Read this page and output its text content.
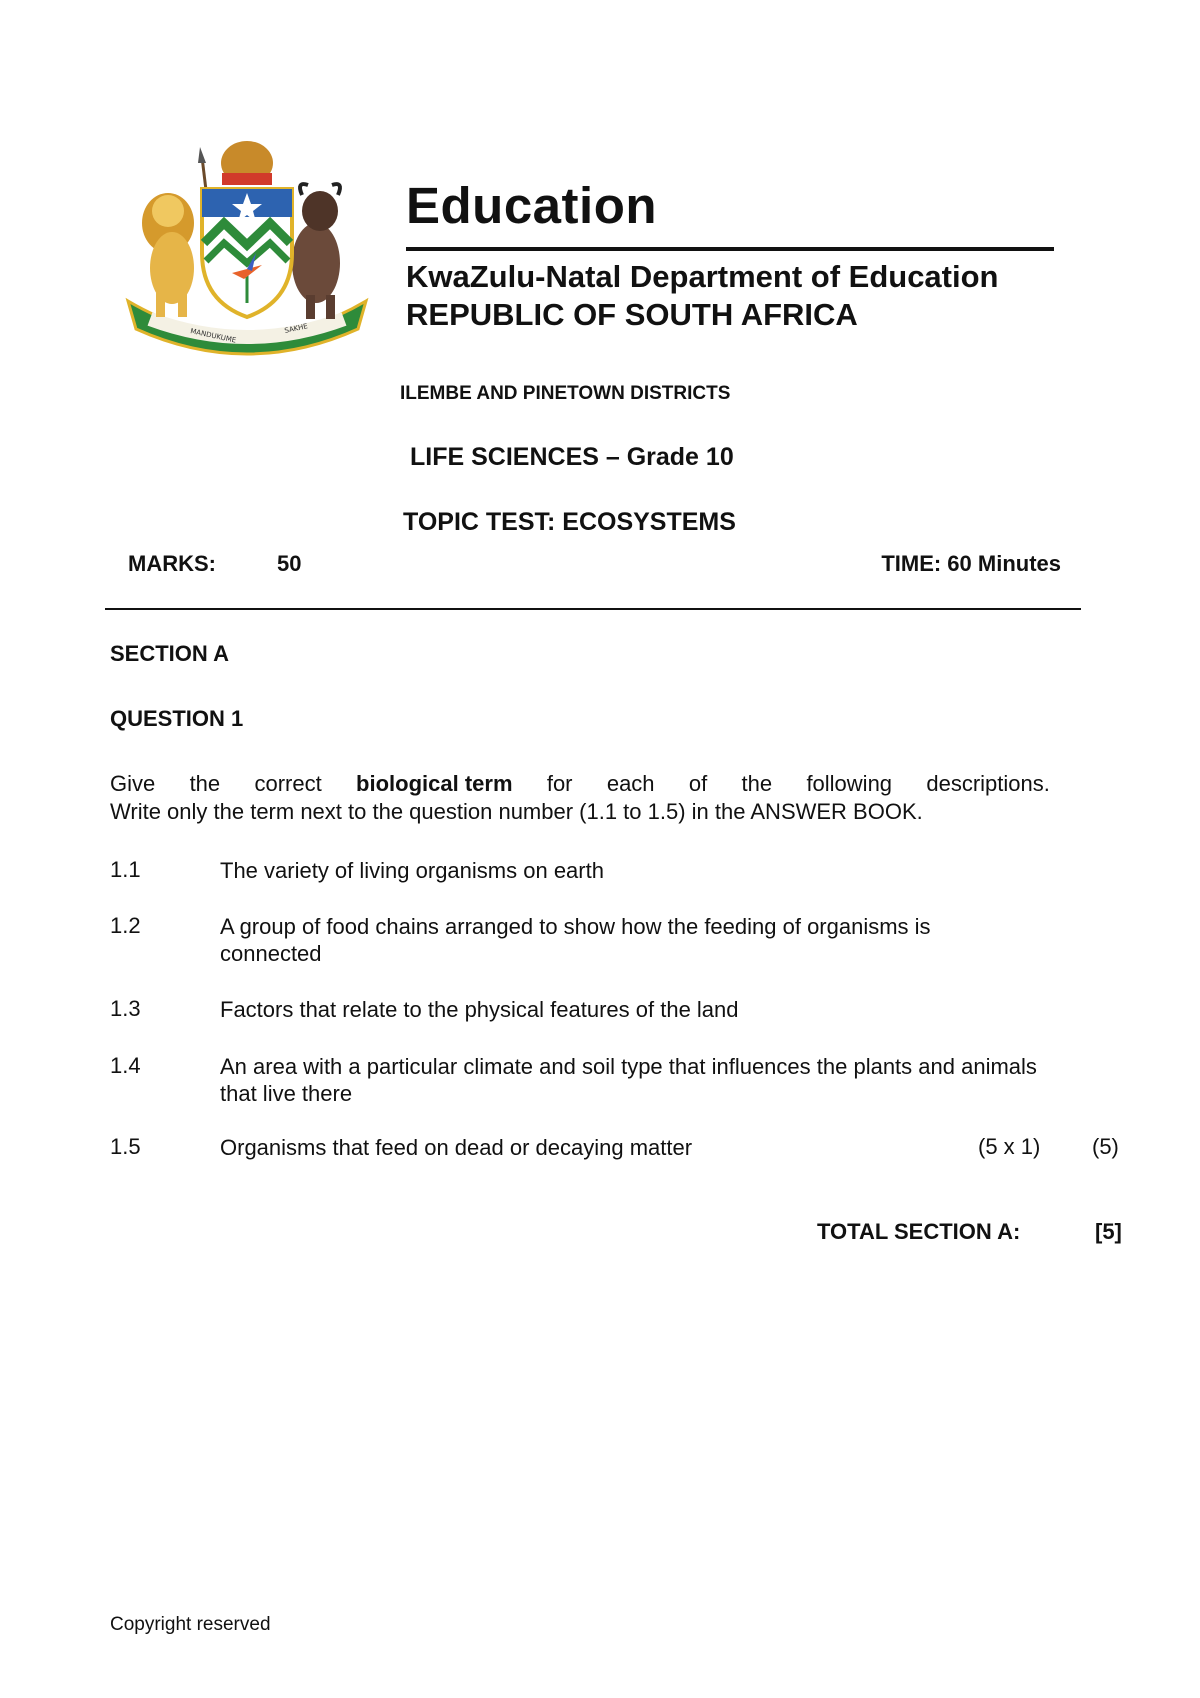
MANDUKUME	SAKHE
Education
KwaZulu-Natal Department of Education
REPUBLIC OF SOUTH AFRICA
ILEMBE AND PINETOWN DISTRICTS
LIFE SCIENCES – Grade 10
TOPIC TEST: ECOSYSTEMS
MARKS:	50	TIME: 60 Minutes
SECTION A
QUESTION 1
Give the correct biological term for each of the following descriptions.
Write only the term next to the question number (1.1 to 1.5) in the ANSWER BOOK.
1.1	The variety of living organisms on earth
1.2	A group of food chains arranged to show how the feeding of organisms is connected
1.3	Factors that relate to the physical features of the land
1.4	An area with a particular climate and soil type that influences the plants and animals that live there
1.5	Organisms that feed on dead or decaying matter	(5 x 1) (5)
TOTAL SECTION A:	[5]
Copyright reserved
